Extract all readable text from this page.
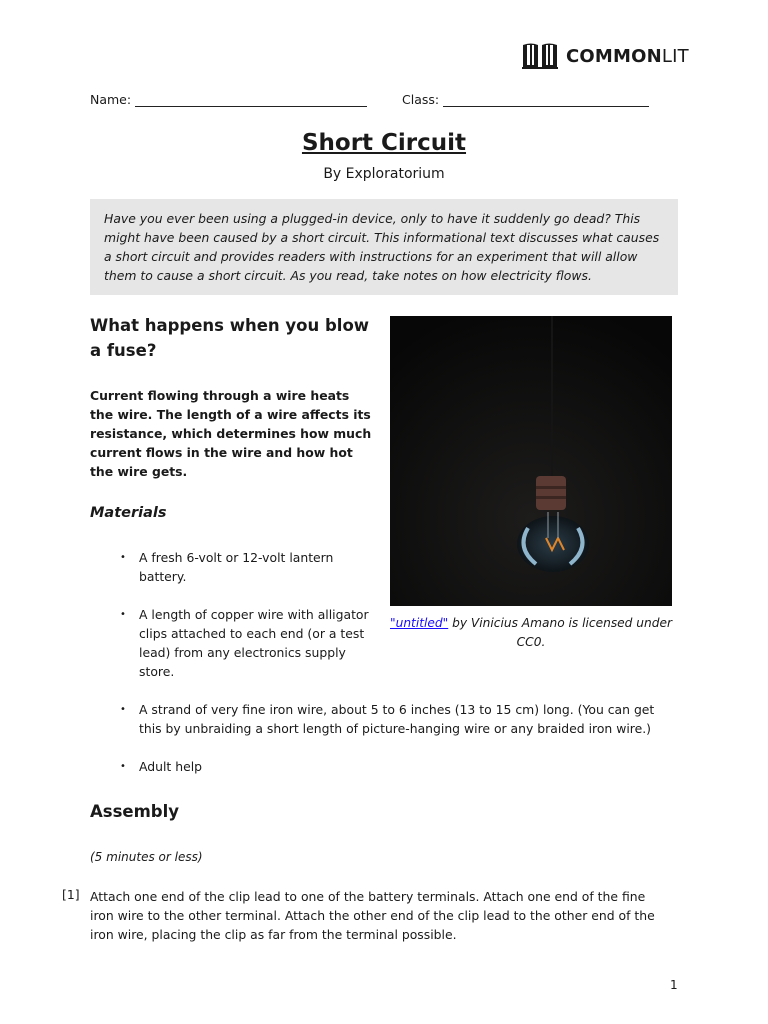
COMMONLIT
Name:	Class:
Short Circuit
By Exploratorium
Have you ever been using a plugged-in device, only to have it suddenly go dead? This might have been caused by a short circuit. This informational text discusses what causes a short circuit and provides readers with instructions for an experiment that will allow them to cause a short circuit. As you read, take notes on how electricity flows.
What happens when you blow a fuse?
Current flowing through a wire heats the wire. The length of a wire affects its resistance, which determines how much current flows in the wire and how hot the wire gets.
Materials
• A fresh 6-volt or 12-volt lantern battery.
• A length of copper wire with alligator clips attached to each end (or a test lead) from any electronics supply store.
• A strand of very fine iron wire, about 5 to 6 inches (13 to 15 cm) long. (You can get this by unbraiding a short length of picture-hanging wire or any braided iron wire.)
• Adult help
"untitled" by Vinicius Amano is licensed under CC0.
Assembly
(5 minutes or less)
[1] Attach one end of the clip lead to one of the battery terminals. Attach one end of the fine iron wire to the other terminal. Attach the other end of the clip lead to the other end of the iron wire, placing the clip as far from the terminal possible.
1
